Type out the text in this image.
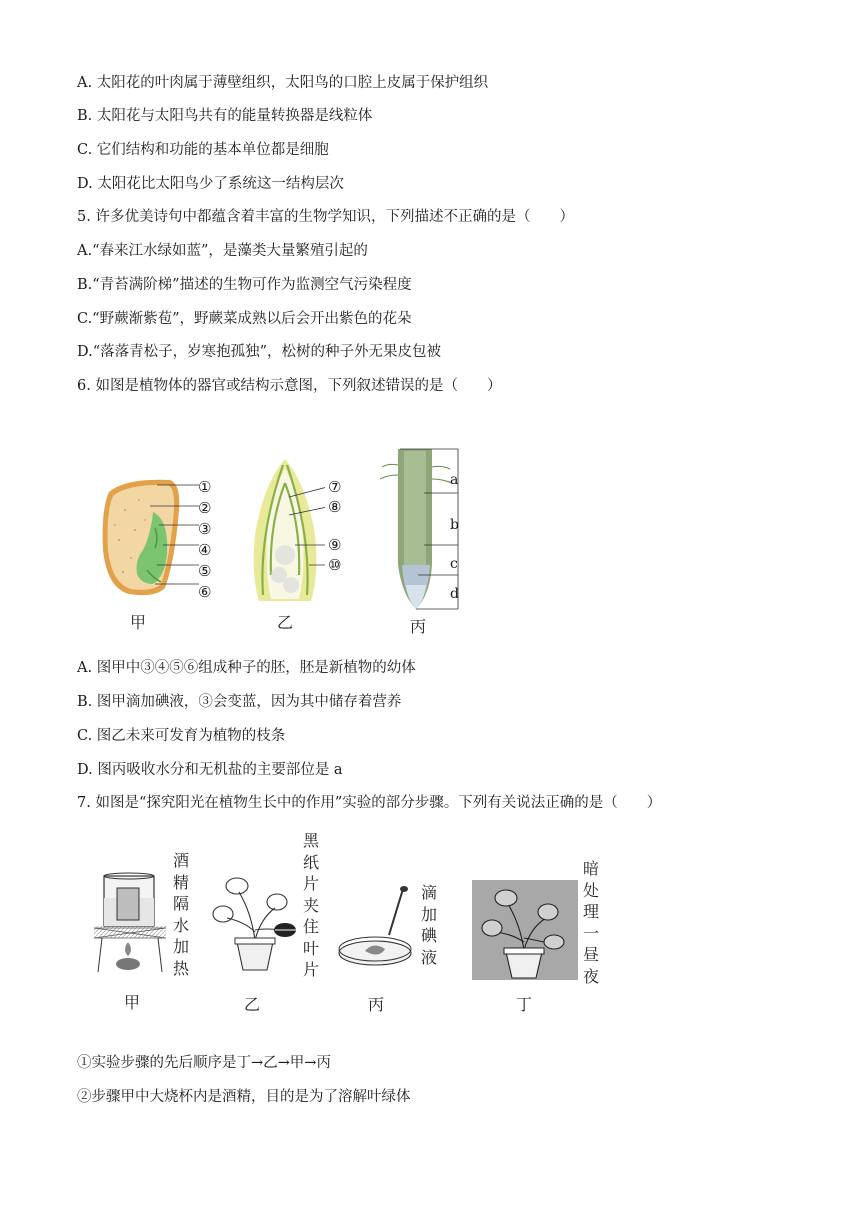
A. 太阳花的叶肉属于薄壁组织，太阳鸟的口腔上皮属于保护组织
B. 太阳花与太阳鸟共有的能量转换器是线粒体
C. 它们结构和功能的基本单位都是细胞
D. 太阳花比太阳鸟少了系统这一结构层次
5. 许多优美诗句中都蕴含着丰富的生物学知识，下列描述不正确的是（　　）
A.“春来江水绿如蓝”，是藻类大量繁殖引起的
B.“青苔满阶梯”描述的生物可作为监测空气污染程度
C.“野蕨渐紫苞”，野蕨菜成熟以后会开出紫色的花朵
D.“落落青松子，岁寒抱孤独”，松树的种子外无果皮包被
6. 如图是植物体的器官或结构示意图，下列叙述错误的是（　　）
①
②
③
④
⑤
⑥
甲
⑦
⑧
⑨
⑩
乙
a
b
c
d
丙
A. 图甲中③④⑤⑥组成种子的胚，胚是新植物的幼体
B. 图甲滴加碘液，③会变蓝，因为其中储存着营养
C. 图乙未来可发育为植物的枝条
D. 图丙吸收水分和无机盐的主要部位是 a
7. 如图是“探究阳光在植物生长中的作用”实验的部分步骤。下列有关说法正确的是（　　）
酒
精
隔
水
加
热
甲
黑
纸
片
夹
住
叶
片
乙
滴
加
碘
液
丙
暗
处
理
一
昼
夜
丁
①实验步骤的先后顺序是丁→乙→甲→丙
②步骤甲中大烧杯内是酒精，目的是为了溶解叶绿体
